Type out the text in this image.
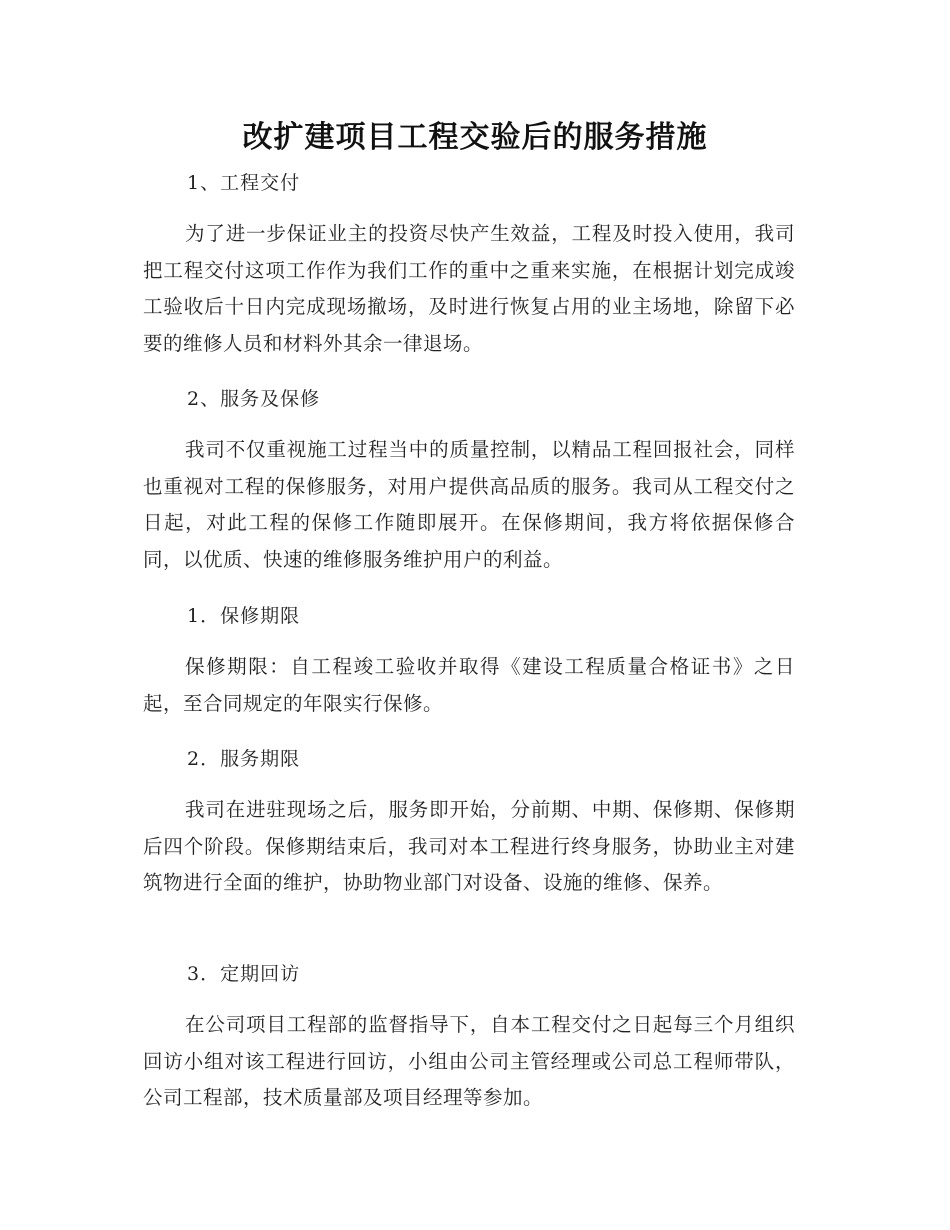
改扩建项目工程交验后的服务措施
1、工程交付

为了进一步保证业主的投资尽快产生效益，工程及时投入使用，我司把工程交付这项工作作为我们工作的重中之重来实施，在根据计划完成竣工验收后十日内完成现场撤场，及时进行恢复占用的业主场地，除留下必要的维修人员和材料外其余一律退场。

2、服务及保修

我司不仅重视施工过程当中的质量控制，以精品工程回报社会，同样也重视对工程的保修服务，对用户提供高品质的服务。我司从工程交付之日起，对此工程的保修工作随即展开。在保修期间，我方将依据保修合同，以优质、快速的维修服务维护用户的利益。

1．保修期限

保修期限：自工程竣工验收并取得《建设工程质量合格证书》之日起，至合同规定的年限实行保修。

2．服务期限

我司在进驻现场之后，服务即开始，分前期、中期、保修期、保修期后四个阶段。保修期结束后，我司对本工程进行终身服务，协助业主对建筑物进行全面的维护，协助物业部门对设备、设施的维修、保养。

3．定期回访

在公司项目工程部的监督指导下，自本工程交付之日起每三个月组织回访小组对该工程进行回访，小组由公司主管经理或公司总工程师带队，公司工程部，技术质量部及项目经理等参加。
